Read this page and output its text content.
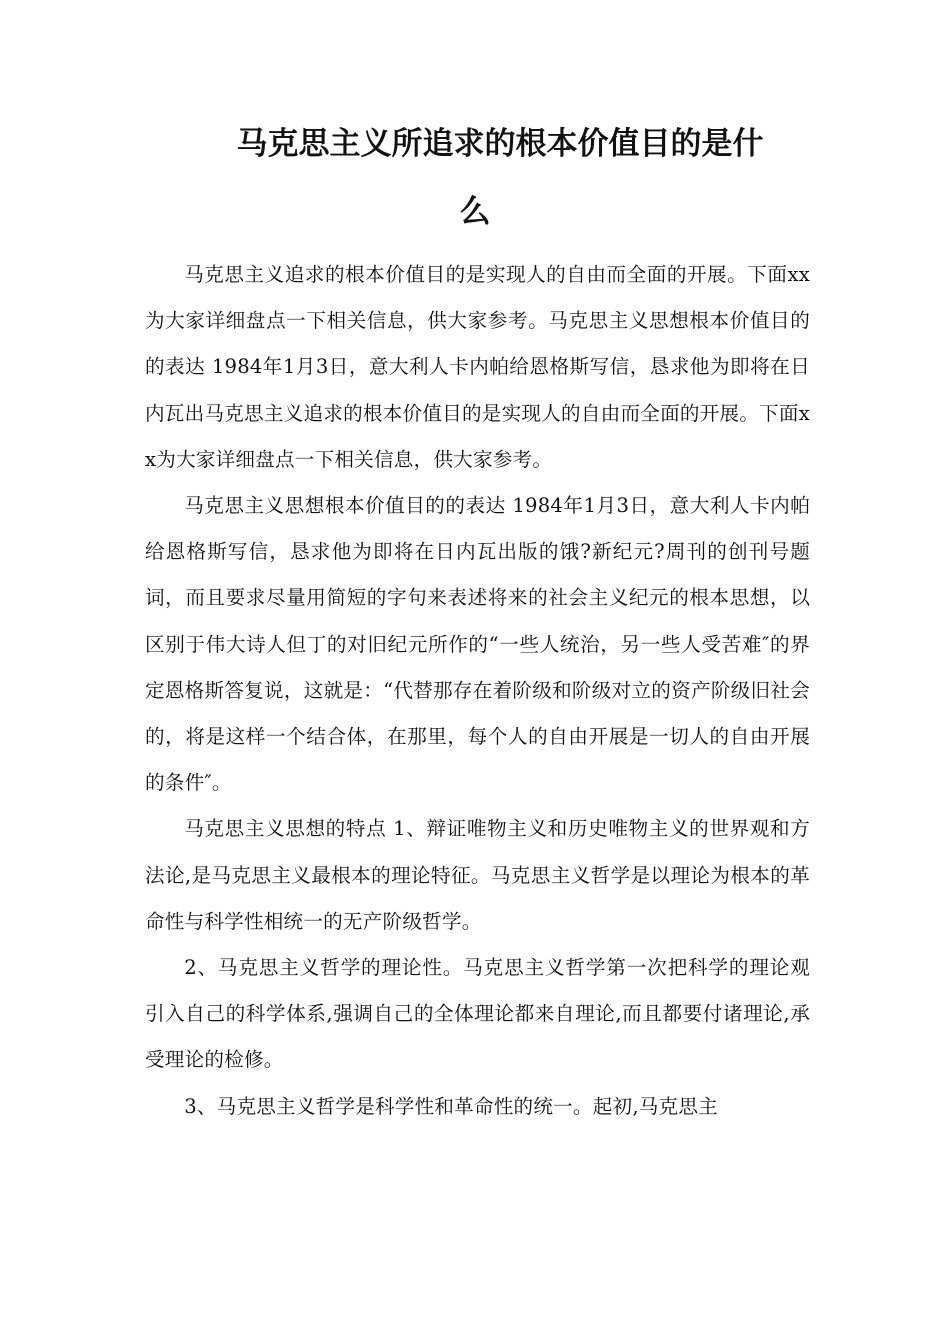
马克思主义所追求的根本价值目的是什
么

马克思主义追求的根本价值目的是实现人的自由而全面的开展。下面xx为大家详细盘点一下相关信息，供大家参考。马克思主义思想根本价值目的的表达 1984年1月3日，意大利人卡内帕给恩格斯写信，恳求他为即将在日内瓦出马克思主义追求的根本价值目的是实现人的自由而全面的开展。下面xx为大家详细盘点一下相关信息，供大家参考。

马克思主义思想根本价值目的的表达 1984年1月3日，意大利人卡内帕给恩格斯写信，恳求他为即将在日内瓦出版的饿?新纪元?周刊的创刊号题词，而且要求尽量用简短的字句来表述将来的社会主义纪元的根本思想，以区别于伟大诗人但丁的对旧纪元所作的“一些人统治，另一些人受苦难″的界定恩格斯答复说，这就是：“代替那存在着阶级和阶级对立的资产阶级旧社会的，将是这样一个结合体，在那里，每个人的自由开展是一切人的自由开展的条件″。

马克思主义思想的特点 1、辩证唯物主义和历史唯物主义的世界观和方法论,是马克思主义最根本的理论特征。马克思主义哲学是以理论为根本的革命性与科学性相统一的无产阶级哲学。

2、马克思主义哲学的理论性。马克思主义哲学第一次把科学的理论观引入自己的科学体系,强调自己的全体理论都来自理论,而且都要付诸理论,承受理论的检修。

3、马克思主义哲学是科学性和革命性的统一。起初,马克思主
